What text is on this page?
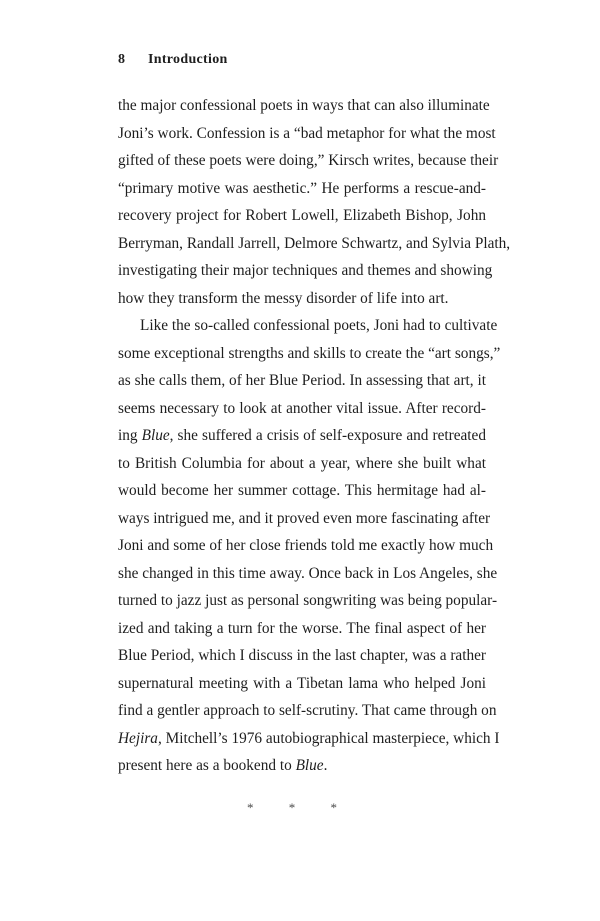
8 Introduction
the major confessional poets in ways that can also illuminate
Joni’s work. Confession is a “bad metaphor for what the most
gifted of these poets were doing,” Kirsch writes, because their
“primary motive was aesthetic.” He performs a rescue-and-
recovery project for Robert Lowell, Elizabeth Bishop, John
Berryman, Randall Jarrell, Delmore Schwartz, and Sylvia Plath,
investigating their major techniques and themes and showing
how they transform the messy disorder of life into art.
Like the so-called confessional poets, Joni had to cultivate
some exceptional strengths and skills to create the “art songs,”
as she calls them, of her Blue Period. In assessing that art, it
seems necessary to look at another vital issue. After record-
ing Blue, she suffered a crisis of self-exposure and retreated
to British Columbia for about a year, where she built what
would become her summer cottage. This hermitage had al-
ways intrigued me, and it proved even more fascinating after
Joni and some of her close friends told me exactly how much
she changed in this time away. Once back in Los Angeles, she
turned to jazz just as personal songwriting was being popular-
ized and taking a turn for the worse. The final aspect of her
Blue Period, which I discuss in the last chapter, was a rather
supernatural meeting with a Tibetan lama who helped Joni
find a gentler approach to self-scrutiny. That came through on
Hejira, Mitchell’s 1976 autobiographical masterpiece, which I
present here as a bookend to Blue.
* * *
